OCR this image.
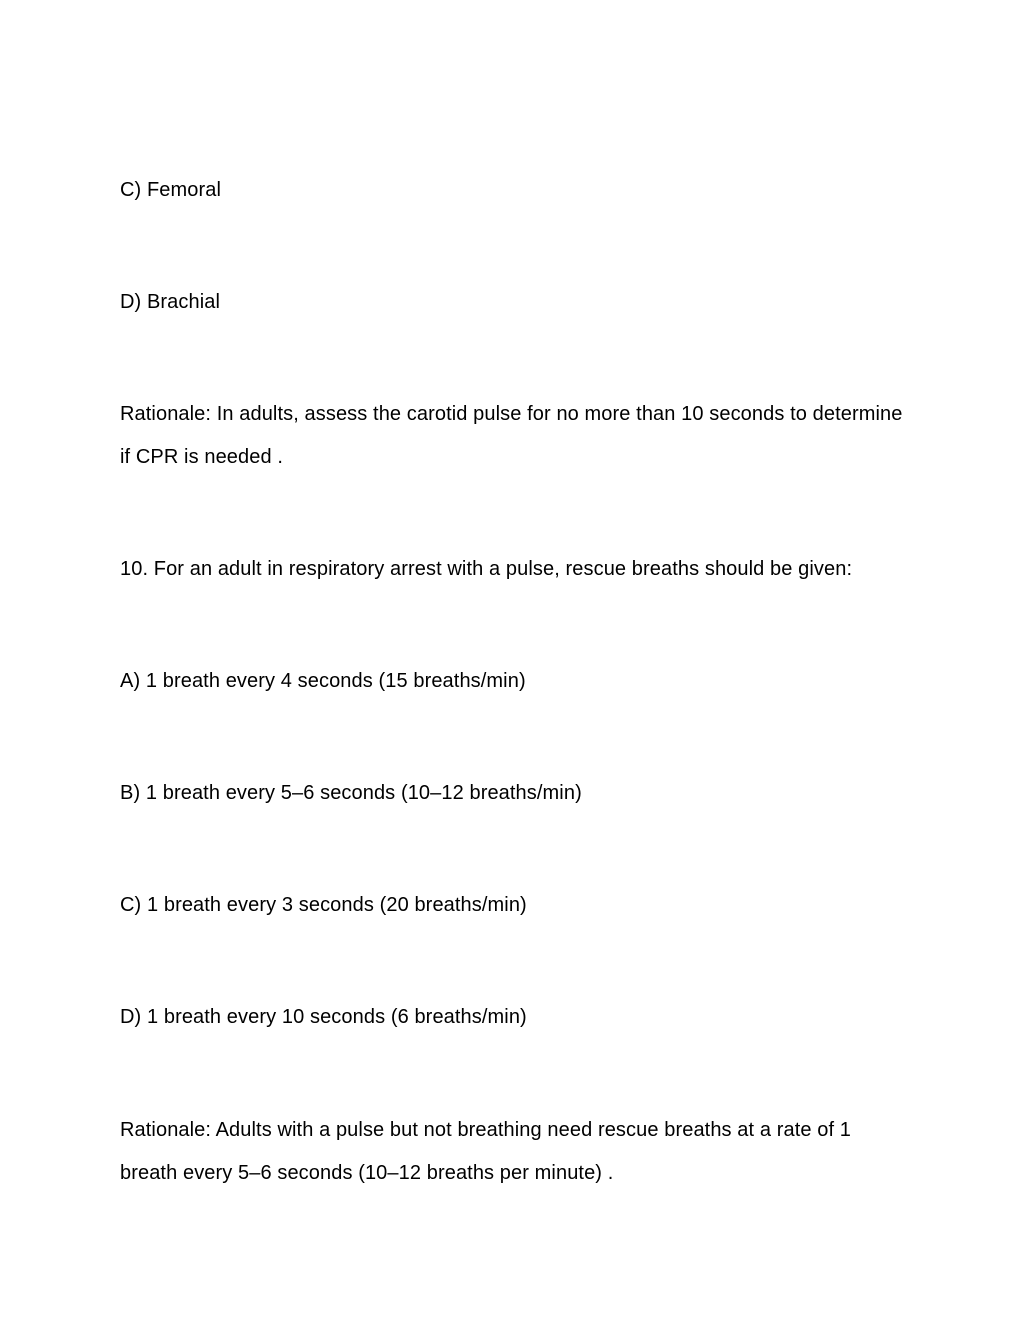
C) Femoral
D) Brachial
Rationale: In adults, assess the carotid pulse for no more than 10 seconds to determine if CPR is needed .
10. For an adult in respiratory arrest with a pulse, rescue breaths should be given:
A) 1 breath every 4 seconds (15 breaths/min)
B) 1 breath every 5–6 seconds (10–12 breaths/min)
C) 1 breath every 3 seconds (20 breaths/min)
D) 1 breath every 10 seconds (6 breaths/min)
Rationale: Adults with a pulse but not breathing need rescue breaths at a rate of 1 breath every 5–6 seconds (10–12 breaths per minute) .
